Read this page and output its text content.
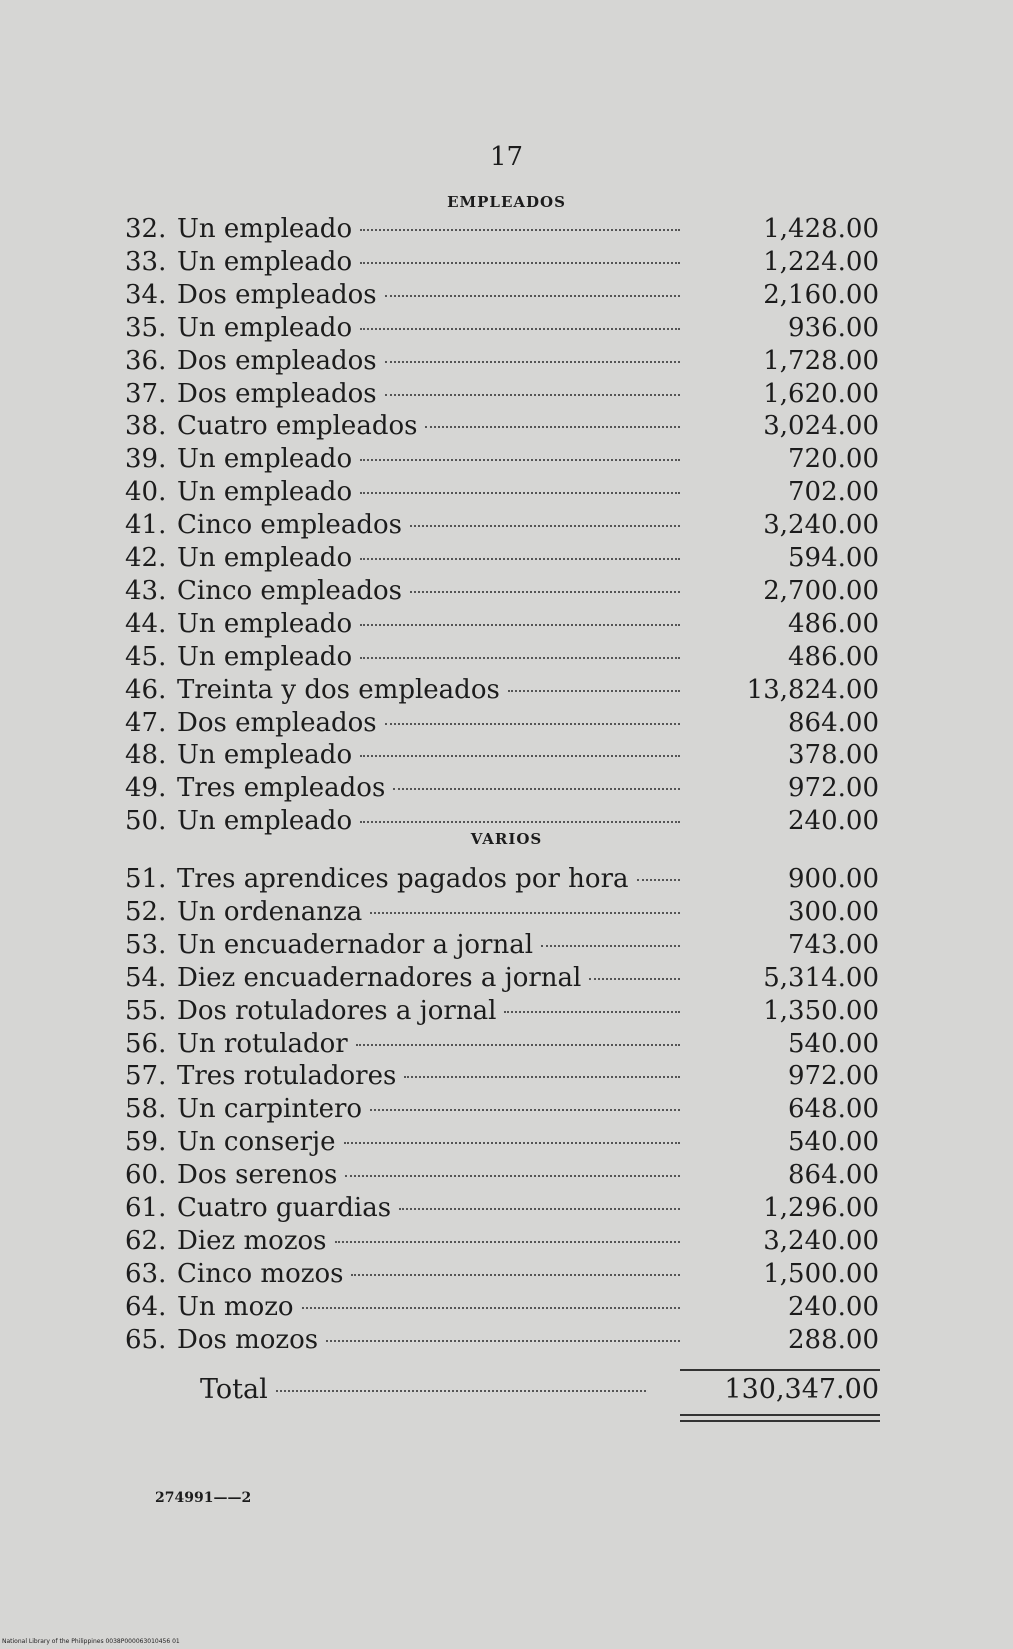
17
EMPLEADOS
32. Un empleado	1,428.00
33. Un empleado	1,224.00
34. Dos empleados	2,160.00
35. Un empleado	936.00
36. Dos empleados	1,728.00
37. Dos empleados	1,620.00
38. Cuatro empleados	3,024.00
39. Un empleado	720.00
40. Un empleado	702.00
41. Cinco empleados	3,240.00
42. Un empleado	594.00
43. Cinco empleados	2,700.00
44. Un empleado	486.00
45. Un empleado	486.00
46. Treinta y dos empleados	13,824.00
47. Dos empleados	864.00
48. Un empleado	378.00
49. Tres empleados	972.00
50. Un empleado	240.00
VARIOS
51. Tres aprendices pagados por hora	900.00
52. Un ordenanza	300.00
53. Un encuadernador a jornal	743.00
54. Diez encuadernadores a jornal	5,314.00
55. Dos rotuladores a jornal	1,350.00
56. Un rotulador	540.00
57. Tres rotuladores	972.00
58. Un carpintero	648.00
59. Un conserje	540.00
60. Dos serenos	864.00
61. Cuatro guardias	1,296.00
62. Diez mozos	3,240.00
63. Cinco mozos	1,500.00
64. Un mozo	240.00
65. Dos mozos	288.00
Total	130,347.00
274991——2
National Library of the Philippines 0038P000063010456 01
